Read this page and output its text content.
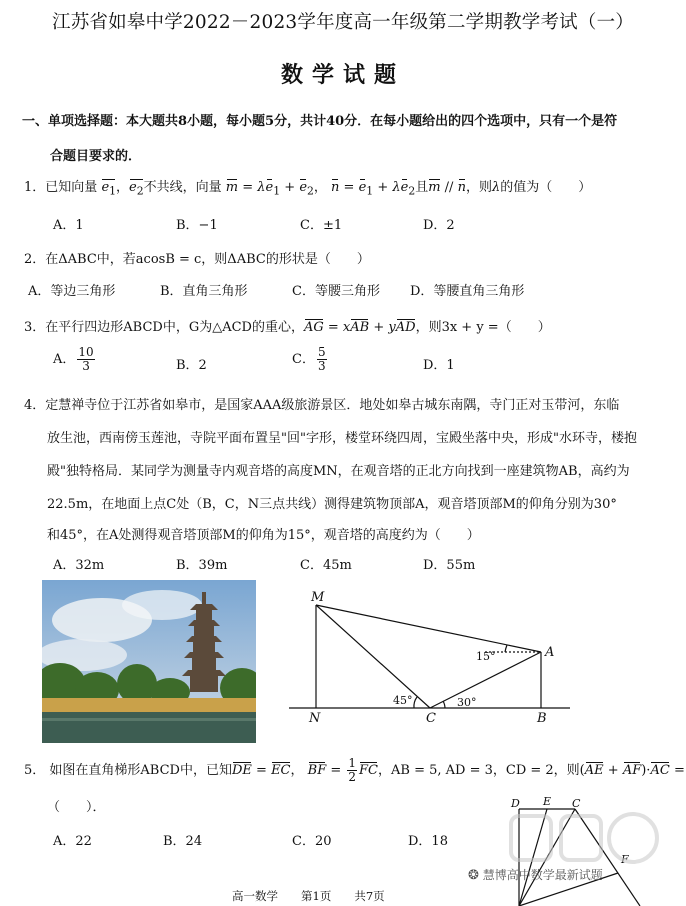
江苏省如皋中学2022－2023学年度高一年级第二学期教学考试（一）
数学试题
一、单项选择题：本大题共8小题，每小题5分，共计40分．在每小题给出的四个选项中，只有一个是符
合题目要求的．
1．已知向量 $e_1$，$e_2$不共线，向量 $m = \lambda e_1 + e_2$， $n = e_1 + \lambda e_2$且m // n，则λ的值为（　　）
A．1	B．−1	C．±1	D．2
2．在ΔABC中，若acosB = c，则ΔABC的形状是（　　）
A．等边三角形	B．直角三角形	C．等腰三角形 D．等腰直角三角形
3．在平行四边形ABCD中，G为△ACD的重心，AG = xAB + yAD，则3x + y =（　　）
A． $\frac{10}{3}$	B．2	C． $\frac{5}{3}$	D．1
4．定慧禅寺位于江苏省如皋市，是国家AAA级旅游景区．地处如皋古城东南隅，寺门正对玉带河，东临
放生池，西南傍玉莲池，寺院平面布置呈"回"字形，楼堂环绕四周，宝殿坐落中央，形成"水环寺，楼抱
殿"独特格局．某同学为测量寺内观音塔的高度MN，在观音塔的正北方向找到一座建筑物AB，高约为
22.5m，在地面上点C处（B，C，N三点共线）测得建筑物顶部A，观音塔顶部M的仰角分别为30°
和45°，在A处测得观音塔顶部M的仰角为15°，观音塔的高度约为（　　）
A．32m	B．39m	C．45m	D．55m
M
A
N	C	B
15°
45°	30°
5． 如图在直角梯形ABCD中，已知DE = EC， BF = $\frac{1}{2}$ FC，AB = 5, AD = 3，CD = 2，则(AE + AF)·AC =
（　　）．
A．22	B．24	C．20	D．18
D E C
F
❂ 慧博高中数学最新试题
高一数学　　第1页　　共7页
